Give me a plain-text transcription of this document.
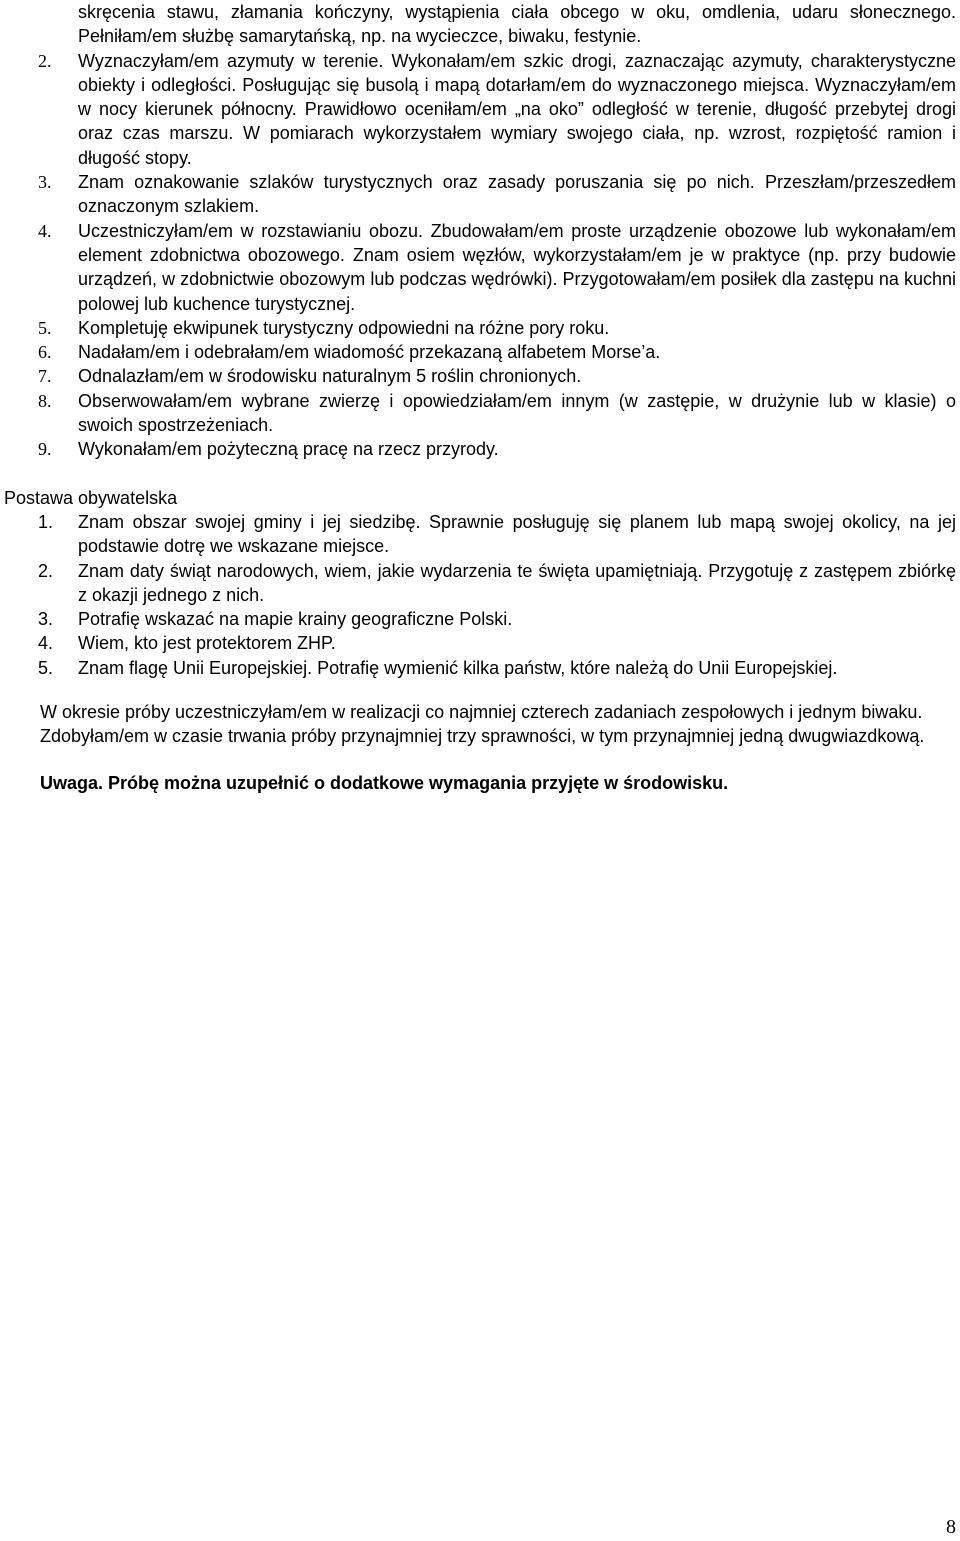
skręcenia stawu, złamania kończyny, wystąpienia ciała obcego w oku, omdlenia, udaru słonecznego. Pełniłam/em służbę samarytańską, np. na wycieczce, biwaku, festynie.
2.	Wyznaczyłam/em azymuty w terenie. Wykonałam/em szkic drogi, zaznaczając azymuty, charakterystyczne obiekty i odległości. Posługując się busolą i mapą dotarłam/em do wyznaczonego miejsca. Wyznaczyłam/em w nocy kierunek północny. Prawidłowo oceniłam/em „na oko” odległość w terenie, długość przebytej drogi oraz czas marszu. W pomiarach wykorzystałem wymiary swojego ciała, np. wzrost, rozpiętość ramion i długość stopy.
3.	Znam oznakowanie szlaków turystycznych oraz zasady poruszania się po nich. Przeszłam/przeszedłem oznaczonym szlakiem.
4.	Uczestniczyłam/em w rozstawianiu obozu. Zbudowałam/em proste urządzenie obozowe lub wykonałam/em element zdobnictwa obozowego. Znam osiem węzłów, wykorzystałam/em je w praktyce (np. przy budowie urządzeń, w zdobnictwie obozowym lub podczas wędrówki). Przygotowałam/em posiłek dla zastępu na kuchni polowej lub kuchence turystycznej.
5.	Kompletuję ekwipunek turystyczny odpowiedni na różne pory roku.
6.	Nadałam/em i odebrałam/em wiadomość przekazaną alfabetem Morse’a.
7.	Odnalazłam/em w środowisku naturalnym 5 roślin chronionych.
8.	Obserwowałam/em wybrane zwierzę i opowiedziałam/em innym (w zastępie, w drużynie lub w klasie) o swoich spostrzeżeniach.
9.	Wykonałam/em pożyteczną pracę na rzecz przyrody.
Postawa obywatelska
1.	Znam obszar swojej gminy i jej siedzibę. Sprawnie posługuję się planem lub mapą swojej okolicy, na jej podstawie dotrę we wskazane miejsce.
2.	Znam daty świąt narodowych, wiem, jakie wydarzenia te święta upamiętniają. Przygotuję z zastępem zbiórkę z okazji jednego z nich.
3.	Potrafię wskazać na mapie krainy geograficzne Polski.
4.	Wiem, kto jest protektorem ZHP.
5.	Znam flagę Unii Europejskiej. Potrafię wymienić kilka państw, które należą do Unii Europejskiej.

W okresie próby uczestniczyłam/em w realizacji co najmniej czterech zadaniach zespołowych i jednym biwaku.

Zdobyłam/em w czasie trwania próby przynajmniej trzy sprawności, w tym przynajmniej jedną dwugwiazdkową.

Uwaga. Próbę można uzupełnić o dodatkowe wymagania przyjęte w środowisku.
8
